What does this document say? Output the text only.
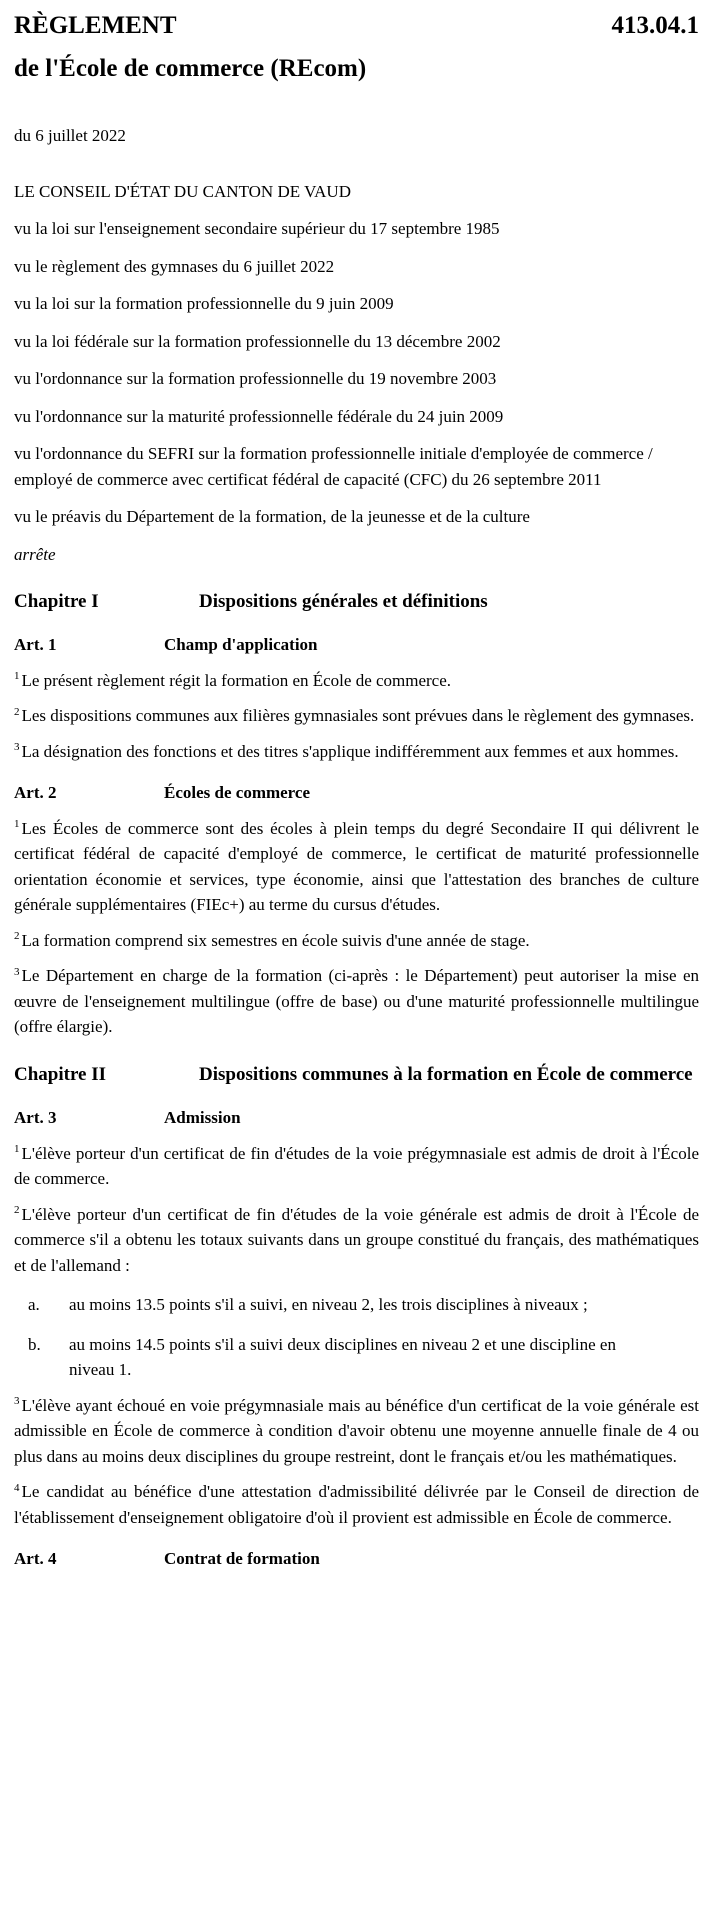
RÈGLEMENT	413.04.1
de l'École de commerce (REcom)
du 6 juillet 2022
LE CONSEIL D'ÉTAT DU CANTON DE VAUD
vu la loi sur l'enseignement secondaire supérieur du 17 septembre 1985
vu le règlement des gymnases du 6 juillet 2022
vu la loi sur la formation professionnelle du 9 juin 2009
vu la loi fédérale sur la formation professionnelle du 13 décembre 2002
vu l'ordonnance sur la formation professionnelle du 19 novembre 2003
vu l'ordonnance sur la maturité professionnelle fédérale du 24 juin 2009
vu l'ordonnance du SEFRI sur la formation professionnelle initiale d'employée de commerce / employé de commerce avec certificat fédéral de capacité (CFC) du 26 septembre 2011
vu le préavis du Département de la formation, de la jeunesse et de la culture
arrête
Chapitre I	Dispositions générales et définitions
Art. 1	Champ d'application
$^1$ Le présent règlement régit la formation en École de commerce.
$^2$ Les dispositions communes aux filières gymnasiales sont prévues dans le règlement des gymnases.
$^3$ La désignation des fonctions et des titres s'applique indifféremment aux femmes et aux hommes.
Art. 2	Écoles de commerce
$^1$ Les Écoles de commerce sont des écoles à plein temps du degré Secondaire II qui délivrent le certificat fédéral de capacité d'employé de commerce, le certificat de maturité professionnelle orientation économie et services, type économie, ainsi que l'attestation des branches de culture générale supplémentaires (FIEc+) au terme du cursus d'études.
$^2$ La formation comprend six semestres en école suivis d'une année de stage.
$^3$ Le Département en charge de la formation (ci-après : le Département) peut autoriser la mise en œuvre de l'enseignement multilingue (offre de base) ou d'une maturité professionnelle multilingue (offre élargie).
Chapitre II	Dispositions communes à la formation en École de commerce
Art. 3	Admission
$^1$ L'élève porteur d'un certificat de fin d'études de la voie prégymnasiale est admis de droit à l'École de commerce.
$^2$ L'élève porteur d'un certificat de fin d'études de la voie générale est admis de droit à l'École de commerce s'il a obtenu les totaux suivants dans un groupe constitué du français, des mathématiques et de l'allemand :
a.	au moins 13.5 points s'il a suivi, en niveau 2, les trois disciplines à niveaux ;
b.	au moins 14.5 points s'il a suivi deux disciplines en niveau 2 et une discipline en niveau 1.
$^3$ L'élève ayant échoué en voie prégymnasiale mais au bénéfice d'un certificat de la voie générale est admissible en École de commerce à condition d'avoir obtenu une moyenne annuelle finale de 4 ou plus dans au moins deux disciplines du groupe restreint, dont le français et/ou les mathématiques.
$^4$ Le candidat au bénéfice d'une attestation d'admissibilité délivrée par le Conseil de direction de l'établissement d'enseignement obligatoire d'où il provient est admissible en École de commerce.
Art. 4	Contrat de formation
